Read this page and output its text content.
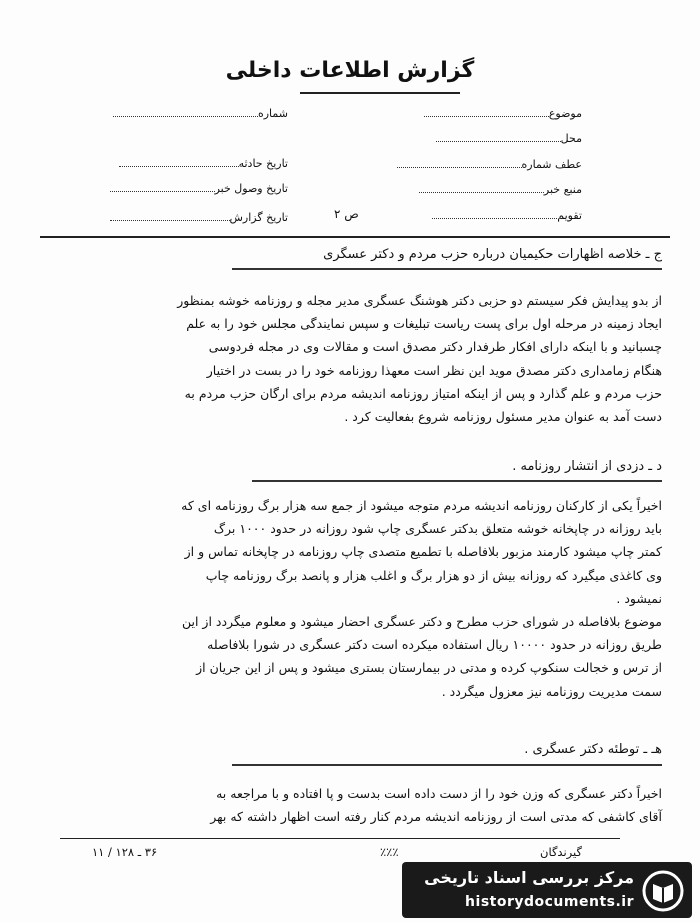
گزارش اطلاعات داخلی
موضوع
محل
عطف شماره
منبع خبر
تقویم
شماره
تاریخ حادثه
تاریخ وصول خبر
تاریخ گزارش	ص ۲
ج ـ خلاصه اظهارات حکیمیان درباره حزب مردم و دکتر عسگری
از بدو پیدایش فکر سیستم دو حزبی دکتر هوشنگ عسگری مدیر مجله و روزنامه خوشه بمنظور
ایجاد زمینه در مرحله اول برای پست ریاست تبلیغات و سپس نمایندگی مجلس خود را به علم
چسبانید و با اینکه دارای افکار طرفدار دکتر مصدق است و مقالات وی در مجله فردوسی
هنگام زمامداری دکتر مصدق موید این نظر است معهذا روزنامه خود را در بست در اختیار
حزب مردم و علم گذارد و پس از اینکه امتیاز روزنامه اندیشه مردم برای ارگان حزب مردم به
دست آمد به عنوان مدیر مسئول روزنامه شروع بفعالیت کرد .
د ـ دزدی از انتشار روزنامه .
اخیراً یکی از کارکنان روزنامه اندیشه مردم متوجه میشود از جمع سه هزار برگ روزنامه ای که
باید روزانه در چاپخانه خوشه متعلق بدکتر عسگری چاپ شود روزانه در حدود ۱۰۰۰ برگ
کمتر چاپ میشود کارمند مزبور بلافاصله با تطمیع متصدی چاپ روزنامه در چاپخانه تماس و از
وی کاغذی میگیرد که روزانه بیش از دو هزار برگ و اغلب هزار و پانصد برگ روزنامه چاپ
نمیشود .
موضوع بلافاصله در شورای حزب مطرح و دکتر عسگری احضار میشود و معلوم میگردد از این
طریق روزانه در حدود ۱۰۰۰۰ ریال استفاده میکرده است دکتر عسگری در شورا بلافاصله
از ترس و خجالت سنکوپ کرده و مدتی در بیمارستان بستری میشود و پس از این جریان از
سمت مدیریت روزنامه نیز معزول میگردد .
هـ ـ توطئه دکتر عسگری .
اخیراً دکتر عسگری که وزن خود را از دست داده است بدست و پا افتاده و با مراجعه به
آقای کاشفی که مدتی است از روزنامه اندیشه مردم کنار رفته است اظهار داشته که بهر
۳۶ ـ ۱۲۸ / ۱۱	٪٪٪	گیرندگان
مرکز بررسی اسناد تاریخی
historydocuments.ir
